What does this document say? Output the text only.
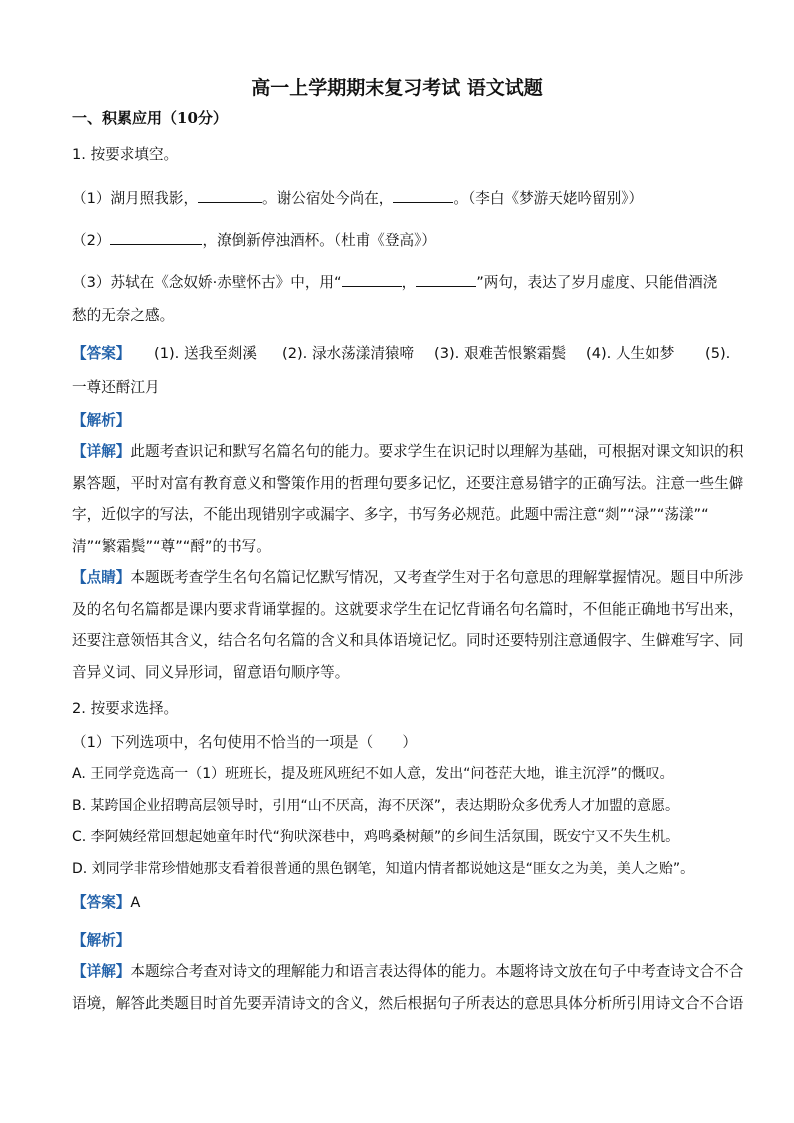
高一上学期期末复习考试 语文试题
一、积累应用（10分）
1. 按要求填空。
（1）湖月照我影，	。谢公宿处今尚在，	。（李白《梦游天姥吟留别》）
（2）	，潦倒新停浊酒杯。（杜甫《登高》）
（3）苏轼在《念奴娇·赤壁怀古》中，用“	，	”两句，表达了岁月虚度、只能借酒浇
愁的无奈之感。
【答案】 (1). 送我至剡溪 (2). 渌水荡漾清猿啼 (3). 艰难苦恨繁霜鬓 (4). 人生如梦 (5).
一尊还酹江月
【解析】
【详解】此题考查识记和默写名篇名句的能力。要求学生在识记时以理解为基础，可根据对课文知识的积
累答题，平时对富有教育意义和警策作用的哲理句要多记忆，还要注意易错字的正确写法。注意一些生僻
字，近似字的写法，不能出现错别字或漏字、多字，书写务必规范。此题中需注意“剡”“渌”“荡漾”“
清”“繁霜鬓”“尊”“酹”的书写。
【点睛】本题既考查学生名句名篇记忆默写情况，又考查学生对于名句意思的理解掌握情况。题目中所涉
及的名句名篇都是课内要求背诵掌握的。这就要求学生在记忆背诵名句名篇时，不但能正确地书写出来，
还要注意领悟其含义，结合名句名篇的含义和具体语境记忆。同时还要特别注意通假字、生僻难写字、同
音异义词、同义异形词，留意语句顺序等。
2. 按要求选择。
（1）下列选项中，名句使用不恰当的一项是（　　）
A. 王同学竞选高一（1）班班长，提及班风班纪不如人意，发出“问苍茫大地，谁主沉浮”的慨叹。
B. 某跨国企业招聘高层领导时，引用“山不厌高，海不厌深”，表达期盼众多优秀人才加盟的意愿。
C. 李阿姨经常回想起她童年时代“狗吠深巷中，鸡鸣桑树颠”的乡间生活氛围，既安宁又不失生机。
D. 刘同学非常珍惜她那支看着很普通的黑色钢笔，知道内情者都说她这是“匪女之为美，美人之贻”。
【答案】A
【解析】
【详解】本题综合考查对诗文的理解能力和语言表达得体的能力。本题将诗文放在句子中考查诗文合不合
语境，解答此类题目时首先要弄清诗文的含义，然后根据句子所表达的意思具体分析所引用诗文合不合语
